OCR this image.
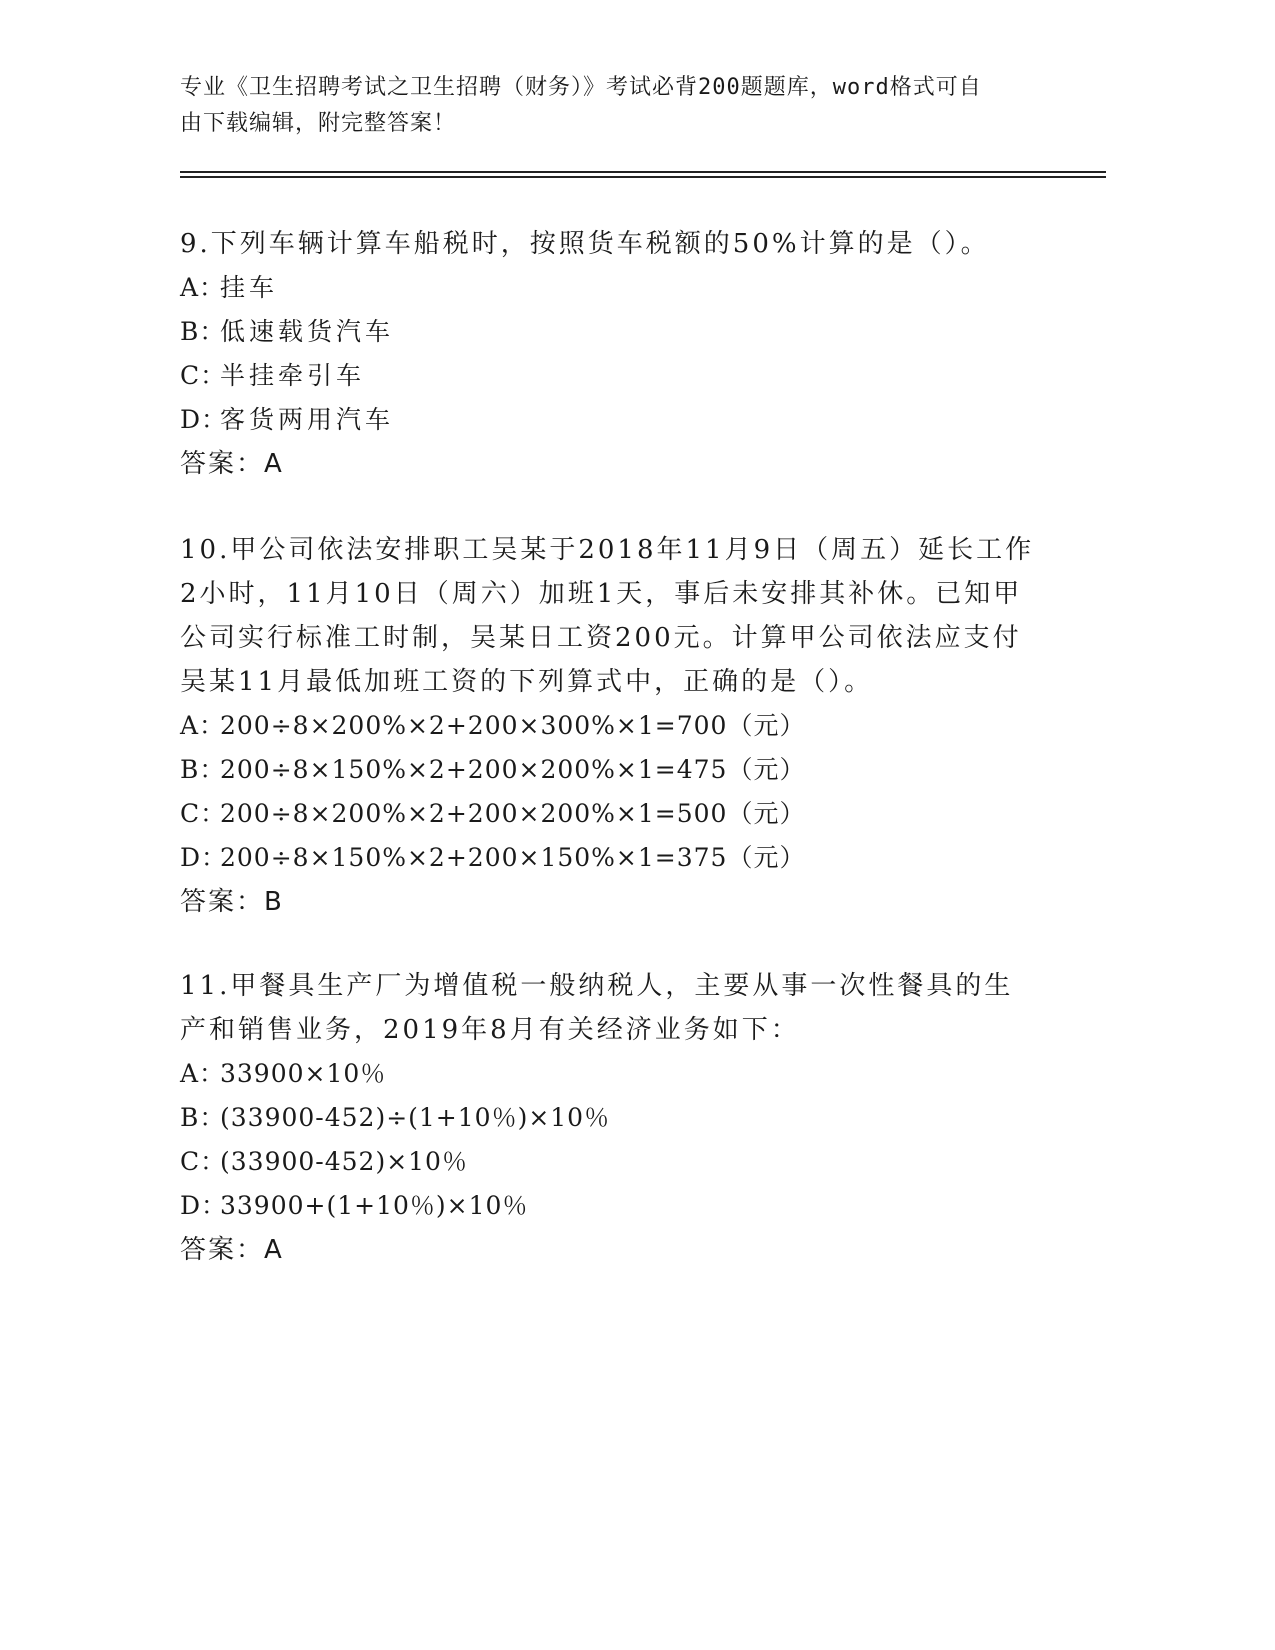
专业《卫生招聘考试之卫生招聘（财务）》考试必背200题题库，word格式可自
由下载编辑，附完整答案！

9.下列车辆计算车船税时，按照货车税额的50%计算的是（）。

A：挂车

B：低速载货汽车

C：半挂牵引车

D：客货两用汽车

答案：A

10.甲公司依法安排职工吴某于2018年11月9日（周五）延长工作2小时，11月10日（周六）加班1天，事后未安排其补休。已知甲公司实行标准工时制，吴某日工资200元。计算甲公司依法应支付吴某11月最低加班工资的下列算式中，正确的是（）。

A：200÷8×200%×2+200×300%×1=700（元）

B：200÷8×150%×2+200×200%×1=475（元）

C：200÷8×200%×2+200×200%×1=500（元）

D：200÷8×150%×2+200×150%×1=375（元）

答案：B

11.甲餐具生产厂为增值税一般纳税人，主要从事一次性餐具的生产和销售业务，2019年8月有关经济业务如下：

A：33900×10％

B：(33900-452)÷(1+10％)×10％

C：(33900-452)×10％

D：33900+(1+10％)×10％

答案：A
